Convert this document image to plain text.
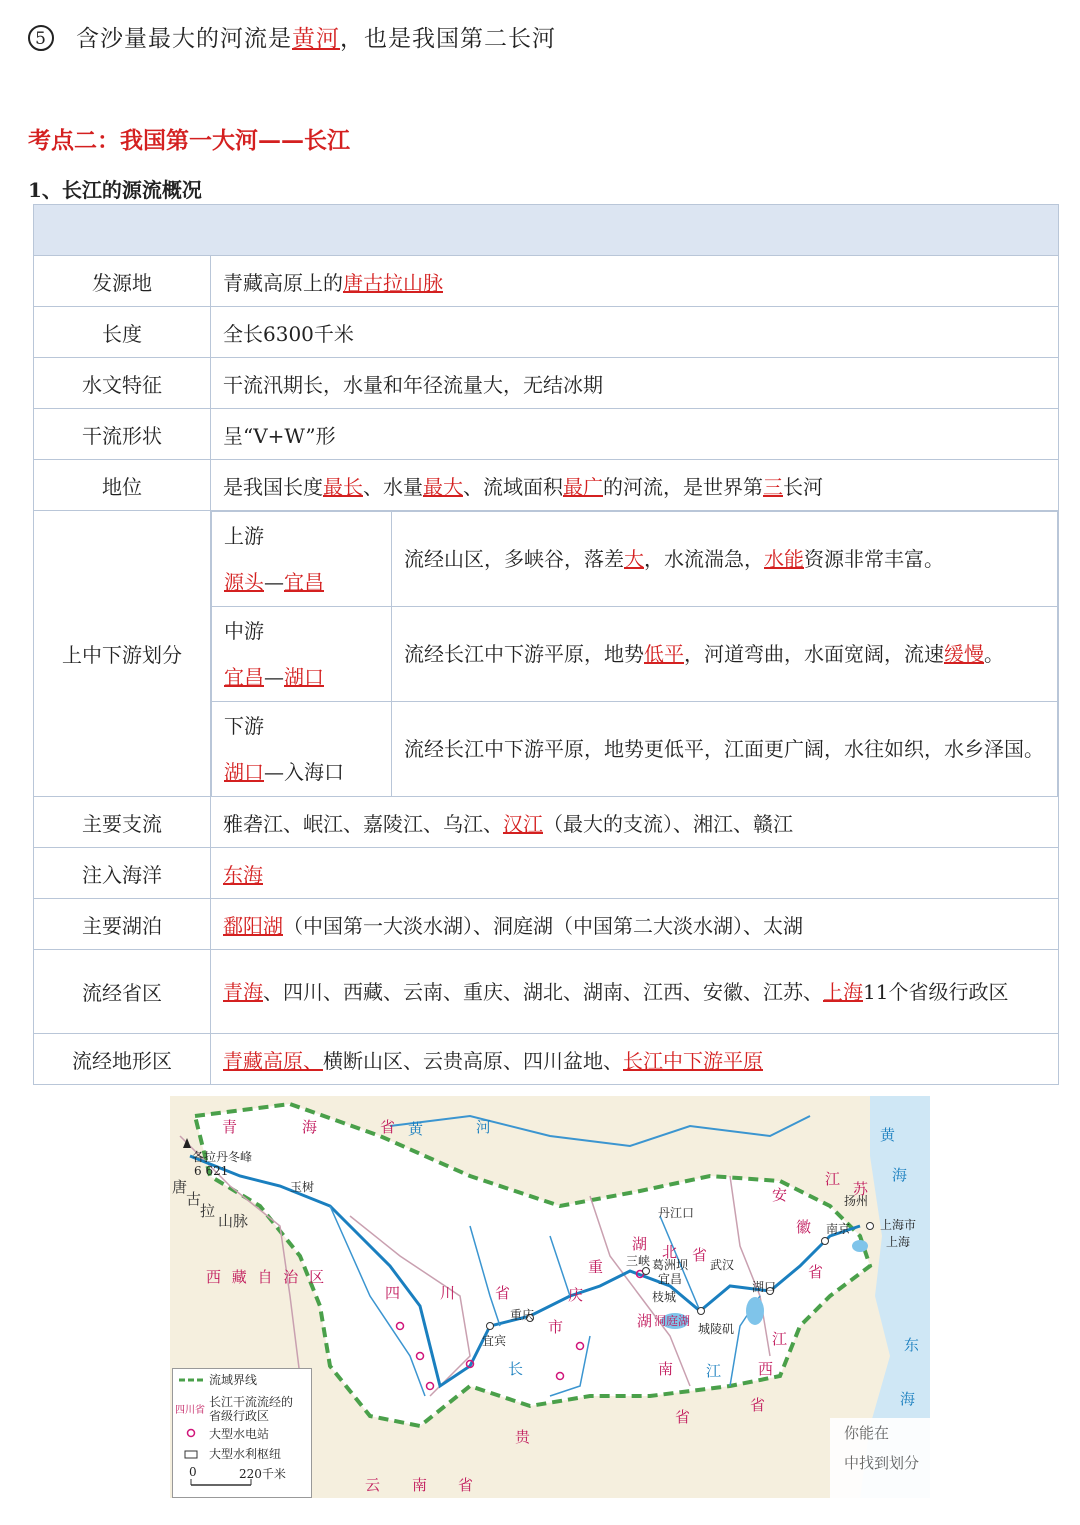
5 含沙量最大的河流是黄河，也是我国第二长河
考点二：我国第一大河——长江
1、长江的源流概况

发源地	青藏高原上的唐古拉山脉
长度	全长6300千米
水文特征	干流汛期长，水量和年径流量大，无结冰期
干流形状	呈“V+W”形
地位	是我国长度最长、水量最大、流域面积最广的河流，是世界第三长河
上中下游划分	
上游
源头—宜昌	流经山区，多峡谷，落差大，水流湍急，水能资源非常丰富。
中游
宜昌—湖口	流经长江中下游平原，地势低平，河道弯曲，水面宽阔，流速缓慢。
下游
湖口—入海口	流经长江中下游平原，地势更低平，江面更广阔，水往如织，水乡泽国。

主要支流	雅砻江、岷江、嘉陵江、乌江、汉江（最大的支流）、湘江、赣江
注入海洋	东海
主要湖泊	鄱阳湖（中国第一大淡水湖）、洞庭湖（中国第二大淡水湖）、太湖
流经省区	青海、四川、西藏、云南、重庆、湖北、湖南、江西、安徽、江苏、上海11个省级行政区
流经地形区	青藏高原、横断山区、云贵高原、四川盆地、长江中下游平原
青	海	省
西 藏 自 治 区
四 川 省
湖 北 省
湖
南
省
江
西
省
安
徽
省
江
苏
云 南 省
重
庆
市
贵
各拉丹冬峰
6 621
唐
古
拉
山脉
玉树
丹江口
三峡 葛洲坝
宜昌
武汉
湖口
南京
扬州
上海市
上海
重庆
宜宾
枝城
城陵矶
洞庭湖
黄	河	黄
海
东
海
长	江
流域界线
长江干流流经的
省级行政区
四川省
大型水电站
大型水利枢纽
0	220千米
你能在
中找到划分
